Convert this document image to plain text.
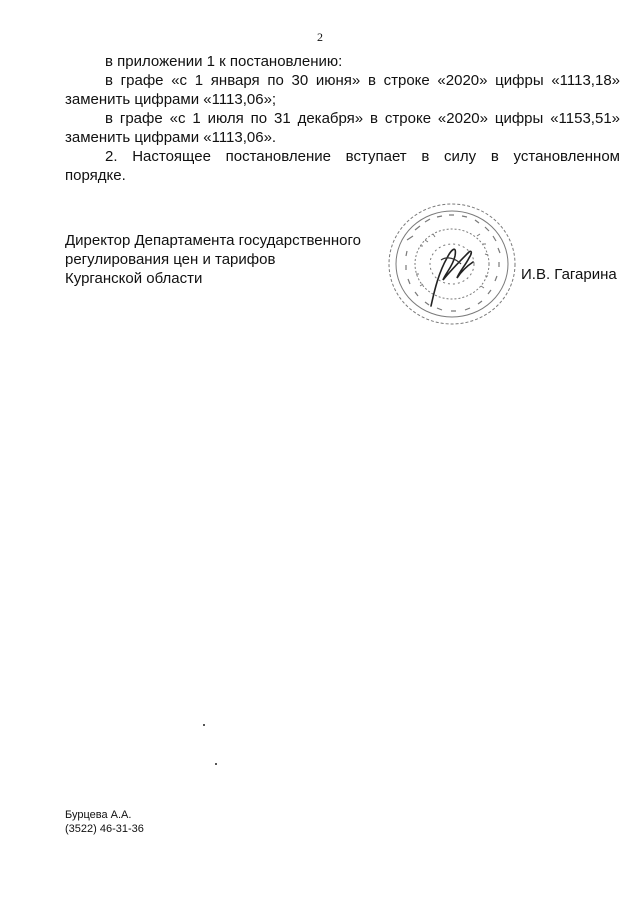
2

в приложении 1 к постановлению:

в графе «с 1 января по 30 июня» в строке «2020» цифры «1113,18»

заменить цифрами «1113,06»;

в графе «с 1 июля по 31 декабря» в строке «2020» цифры «1153,51»

заменить цифрами «1113,06».

2. Настоящее постановление вступает в силу в установленном

порядке.

Директор Департамента государственного
регулирования цен и тарифов
Курганской области	И.В. Гагарина
Бурцева А.А.
(3522) 46-31-36
